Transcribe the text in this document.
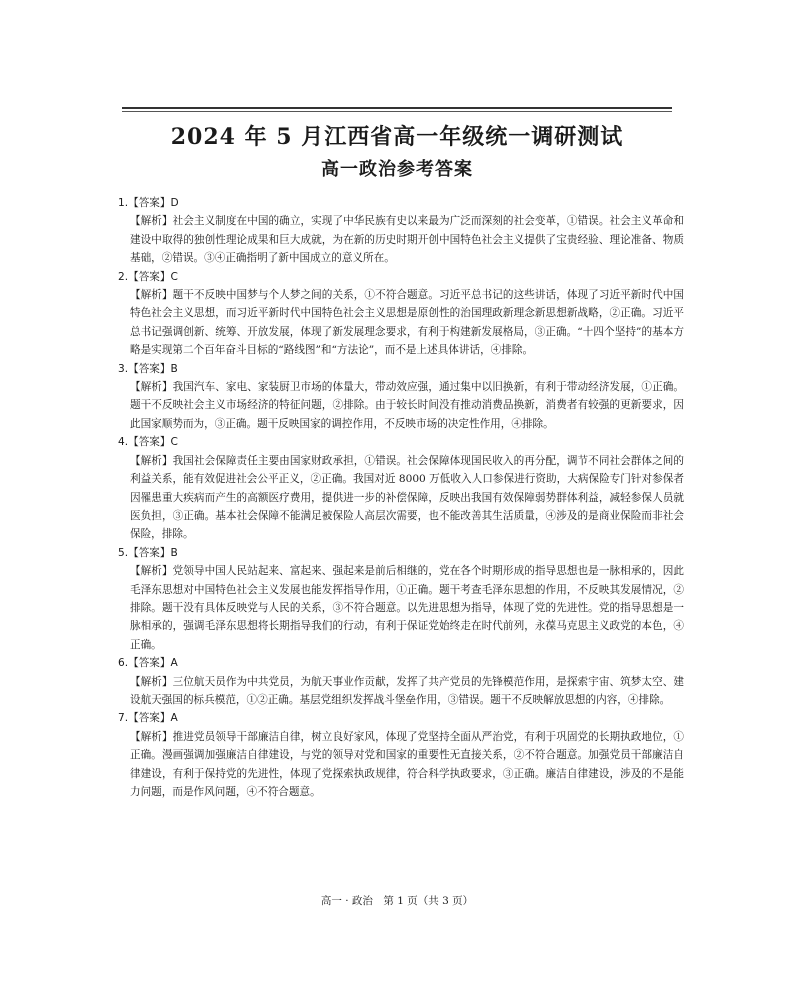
2024 年 5 月江西省高一年级统一调研测试
高一政治参考答案
1.【答案】D
【解析】社会主义制度在中国的确立，实现了中华民族有史以来最为广泛而深刻的社会变革，①错误。社会主义革命和建设中取得的独创性理论成果和巨大成就，为在新的历史时期开创中国特色社会主义提供了宝贵经验、理论准备、物质基础，②错误。③④正确指明了新中国成立的意义所在。
2.【答案】C
【解析】题干不反映中国梦与个人梦之间的关系，①不符合题意。习近平总书记的这些讲话，体现了习近平新时代中国特色社会主义思想，而习近平新时代中国特色社会主义思想是原创性的治国理政新理念新思想新战略，②正确。习近平总书记强调创新、统筹、开放发展，体现了新发展理念要求，有利于构建新发展格局，③正确。“十四个坚持”的基本方略是实现第二个百年奋斗目标的“路线图”和“方法论”，而不是上述具体讲话，④排除。
3.【答案】B
【解析】我国汽车、家电、家装厨卫市场的体量大，带动效应强，通过集中以旧换新，有利于带动经济发展，①正确。题干不反映社会主义市场经济的特征问题，②排除。由于较长时间没有推动消费品换新，消费者有较强的更新要求，因此国家顺势而为，③正确。题干反映国家的调控作用，不反映市场的决定性作用，④排除。
4.【答案】C
【解析】我国社会保障责任主要由国家财政承担，①错误。社会保障体现国民收入的再分配，调节不同社会群体之间的利益关系，能有效促进社会公平正义，②正确。我国对近 8000 万低收入人口参保进行资助，大病保险专门针对参保者因罹患重大疾病而产生的高额医疗费用，提供进一步的补偿保障，反映出我国有效保障弱势群体利益，减轻参保人员就医负担，③正确。基本社会保障不能满足被保险人高层次需要，也不能改善其生活质量，④涉及的是商业保险而非社会保险，排除。
5.【答案】B
【解析】党领导中国人民站起来、富起来、强起来是前后相继的，党在各个时期形成的指导思想也是一脉相承的，因此毛泽东思想对中国特色社会主义发展也能发挥指导作用，①正确。题干考查毛泽东思想的作用，不反映其发展情况，②排除。题干没有具体反映党与人民的关系，③不符合题意。以先进思想为指导，体现了党的先进性。党的指导思想是一脉相承的，强调毛泽东思想将长期指导我们的行动，有利于保证党始终走在时代前列，永葆马克思主义政党的本色，④正确。
6.【答案】A
【解析】三位航天员作为中共党员，为航天事业作贡献，发挥了共产党员的先锋模范作用，是探索宇宙、筑梦太空、建设航天强国的标兵模范，①②正确。基层党组织发挥战斗堡垒作用，③错误。题干不反映解放思想的内容，④排除。
7.【答案】A
【解析】推进党员领导干部廉洁自律，树立良好家风，体现了党坚持全面从严治党，有利于巩固党的长期执政地位，①正确。漫画强调加强廉洁自律建设，与党的领导对党和国家的重要性无直接关系，②不符合题意。加强党员干部廉洁自律建设，有利于保持党的先进性，体现了党探索执政规律，符合科学执政要求，③正确。廉洁自律建设，涉及的不是能力问题，而是作风问题，④不符合题意。
高一 · 政治　第 1 页（共 3 页）
